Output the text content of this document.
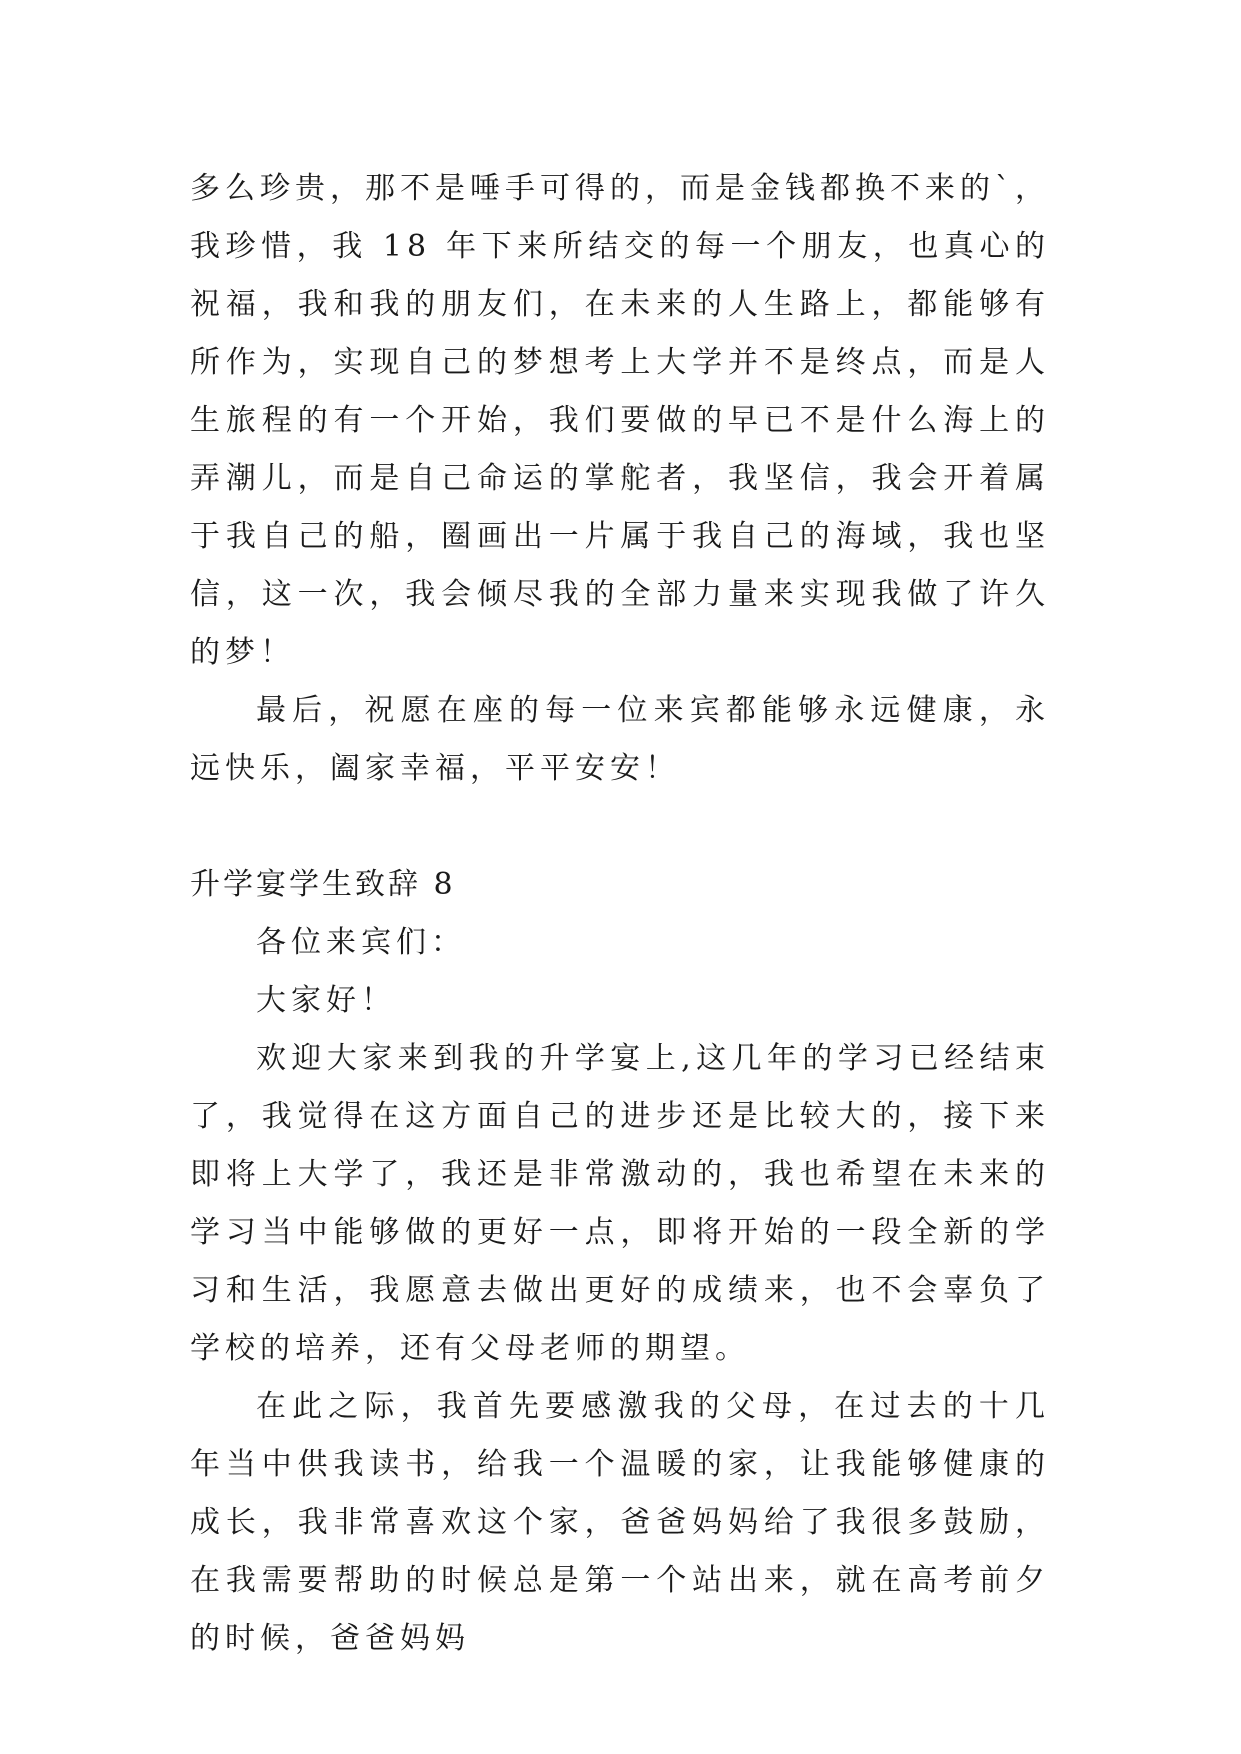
多么珍贵，那不是唾手可得的，而是金钱都换不来的`，我珍惜，我 18 年下来所结交的每一个朋友，也真心的祝福，我和我的朋友们，在未来的人生路上，都能够有所作为，实现自己的梦想考上大学并不是终点，而是人生旅程的有一个开始，我们要做的早已不是什么海上的弄潮儿，而是自己命运的掌舵者，我坚信，我会开着属于我自己的船，圈画出一片属于我自己的海域，我也坚信，这一次，我会倾尽我的全部力量来实现我做了许久的梦！

最后，祝愿在座的每一位来宾都能够永远健康，永远快乐，阖家幸福，平平安安！

升学宴学生致辞 8

各位来宾们：

大家好！

欢迎大家来到我的升学宴上,这几年的学习已经结束了，我觉得在这方面自己的进步还是比较大的，接下来即将上大学了，我还是非常激动的，我也希望在未来的学习当中能够做的更好一点，即将开始的一段全新的学习和生活，我愿意去做出更好的成绩来，也不会辜负了学校的培养，还有父母老师的期望。

在此之际，我首先要感激我的父母，在过去的十几年当中供我读书，给我一个温暖的家，让我能够健康的成长，我非常喜欢这个家，爸爸妈妈给了我很多鼓励，在我需要帮助的时候总是第一个站出来，就在高考前夕的时候，爸爸妈妈
